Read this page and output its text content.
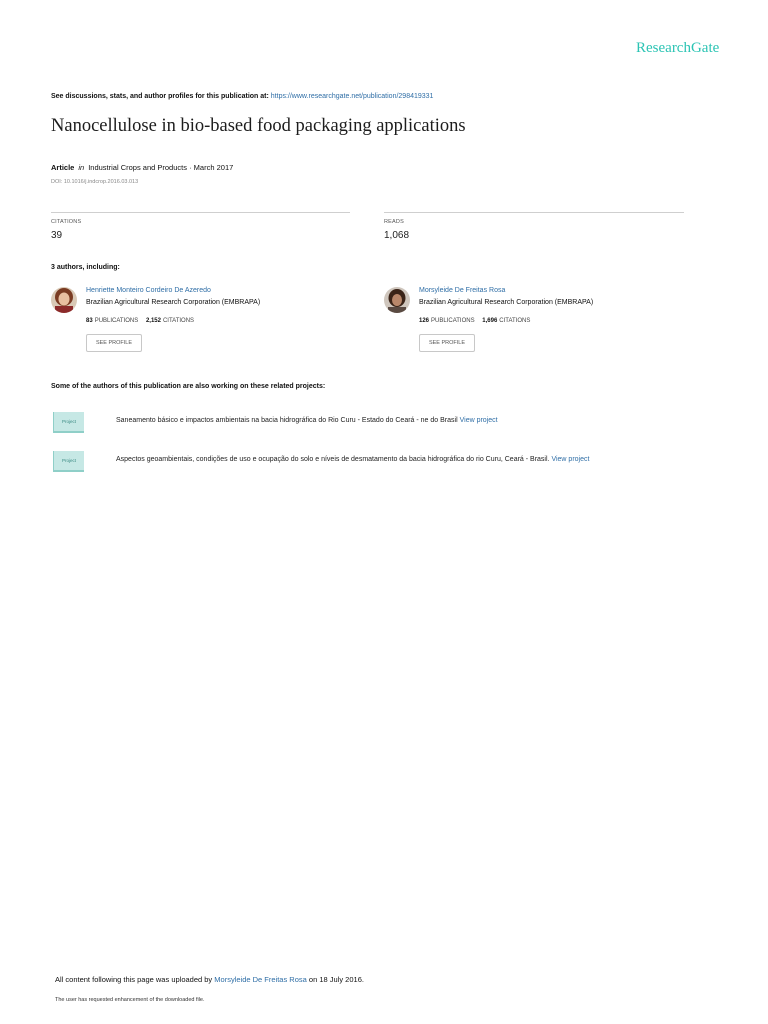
ResearchGate
See discussions, stats, and author profiles for this publication at: https://www.researchgate.net/publication/298419331
Nanocellulose in bio-based food packaging applications
Article in Industrial Crops and Products · March 2017
DOI: 10.1016/j.indcrop.2016.03.013
CITATIONS
39
READS
1,068
3 authors, including:
Henriette Monteiro Cordeiro De Azeredo
Brazilian Agricultural Research Corporation (EMBRAPA)
83 PUBLICATIONS 2,152 CITATIONS
SEE PROFILE
Morsyleide De Freitas Rosa
Brazilian Agricultural Research Corporation (EMBRAPA)
126 PUBLICATIONS 1,696 CITATIONS
SEE PROFILE
Some of the authors of this publication are also working on these related projects:
Project	Saneamento básico e impactos ambientais na bacia hidrográfica do Rio Curu - Estado do Ceará - ne do Brasil View project
Project	Aspectos geoambientais, condições de uso e ocupação do solo e níveis de desmatamento da bacia hidrográfica do rio Curu, Ceará - Brasil. View project
All content following this page was uploaded by Morsyleide De Freitas Rosa on 18 July 2016.
The user has requested enhancement of the downloaded file.
